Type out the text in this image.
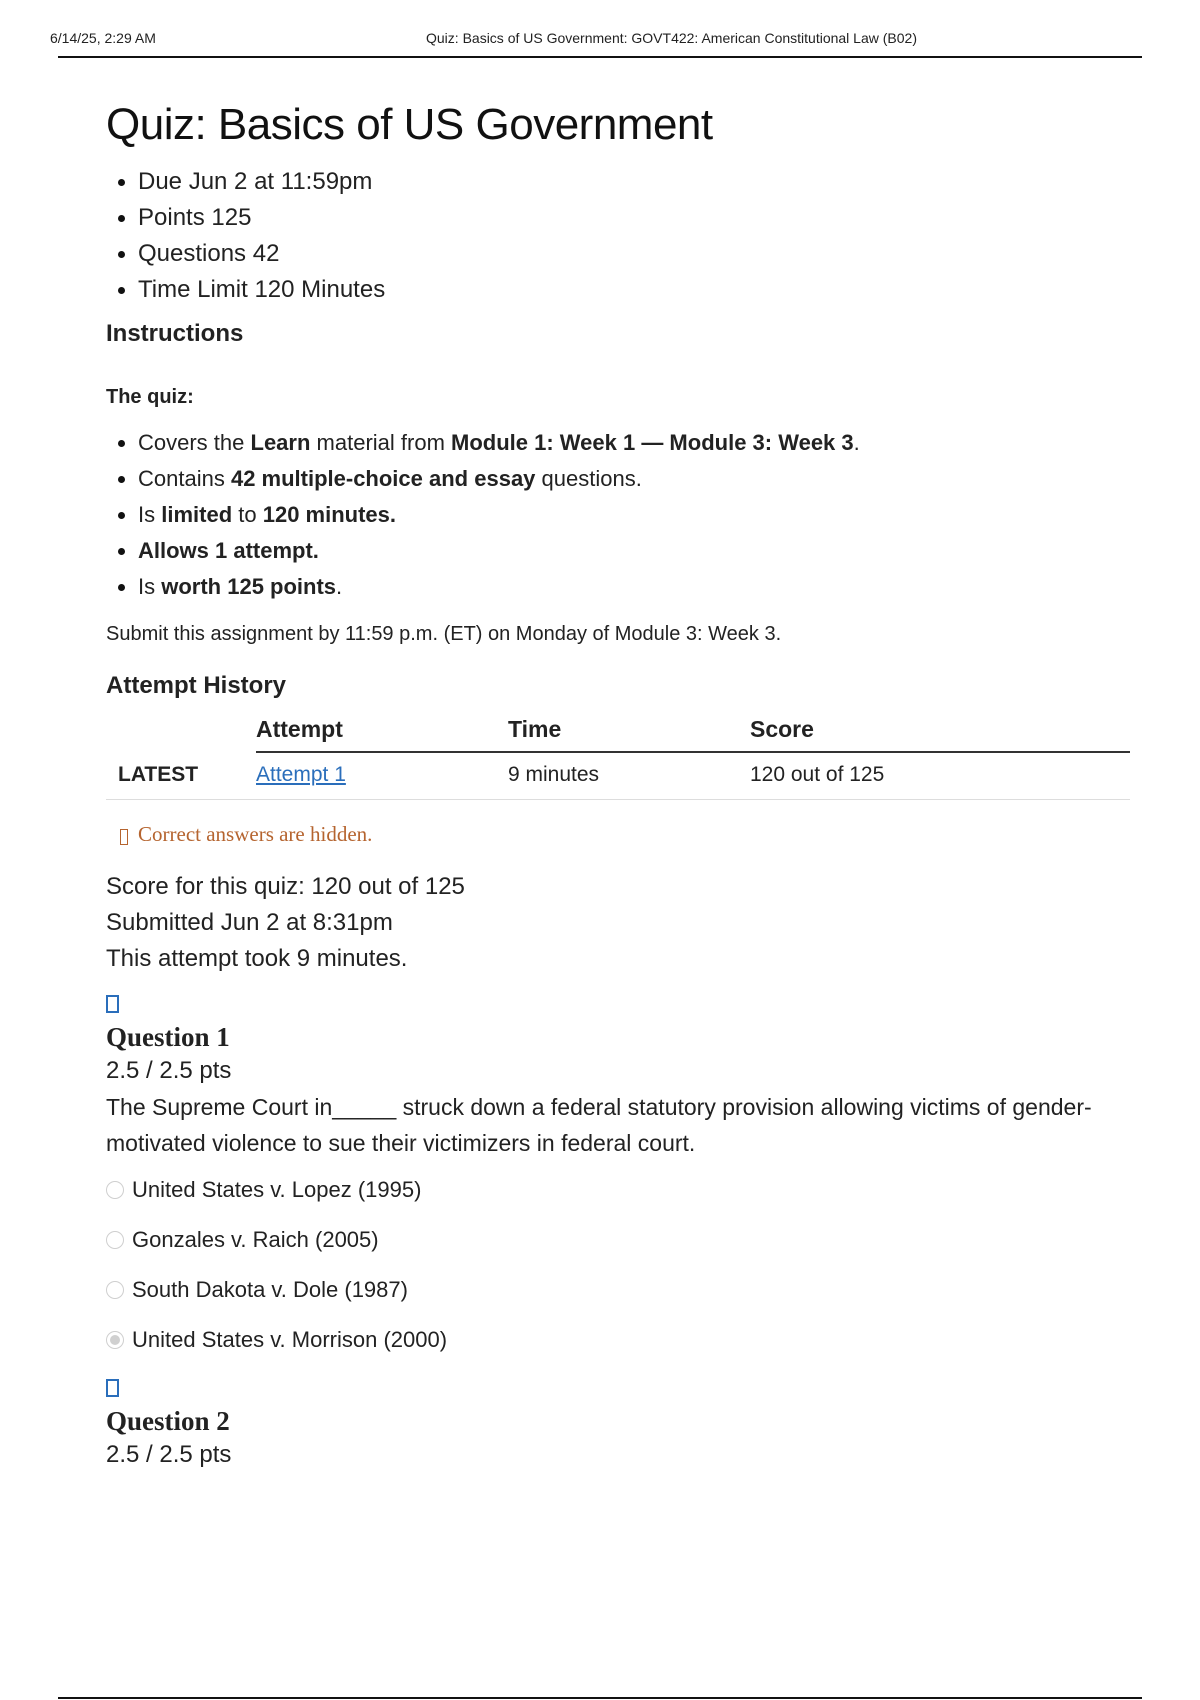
6/14/25, 2:29 AM	Quiz: Basics of US Government: GOVT422: American Constitutional Law (B02)
Quiz: Basics of US Government
Due Jun 2 at 11:59pm
Points 125
Questions 42
Time Limit 120 Minutes
Instructions
The quiz:
Covers the Learn material from Module 1: Week 1 — Module 3: Week 3.
Contains 42 multiple-choice and essay questions.
Is limited to 120 minutes.
Allows 1 attempt.
Is worth 125 points.
Submit this assignment by 11:59 p.m. (ET) on Monday of Module 3: Week 3.
Attempt History
	Attempt	Time	Score
LATEST	Attempt 1	9 minutes	120 out of 125
Correct answers are hidden.
Score for this quiz: 120 out of 125
Submitted Jun 2 at 8:31pm
This attempt took 9 minutes.
Question 1
2.5 / 2.5 pts
The Supreme Court in_____ struck down a federal statutory provision allowing victims of gender-motivated violence to sue their victimizers in federal court.
United States v. Lopez (1995)
Gonzales v. Raich (2005)
South Dakota v. Dole (1987)
United States v. Morrison (2000)
Question 2
2.5 / 2.5 pts
